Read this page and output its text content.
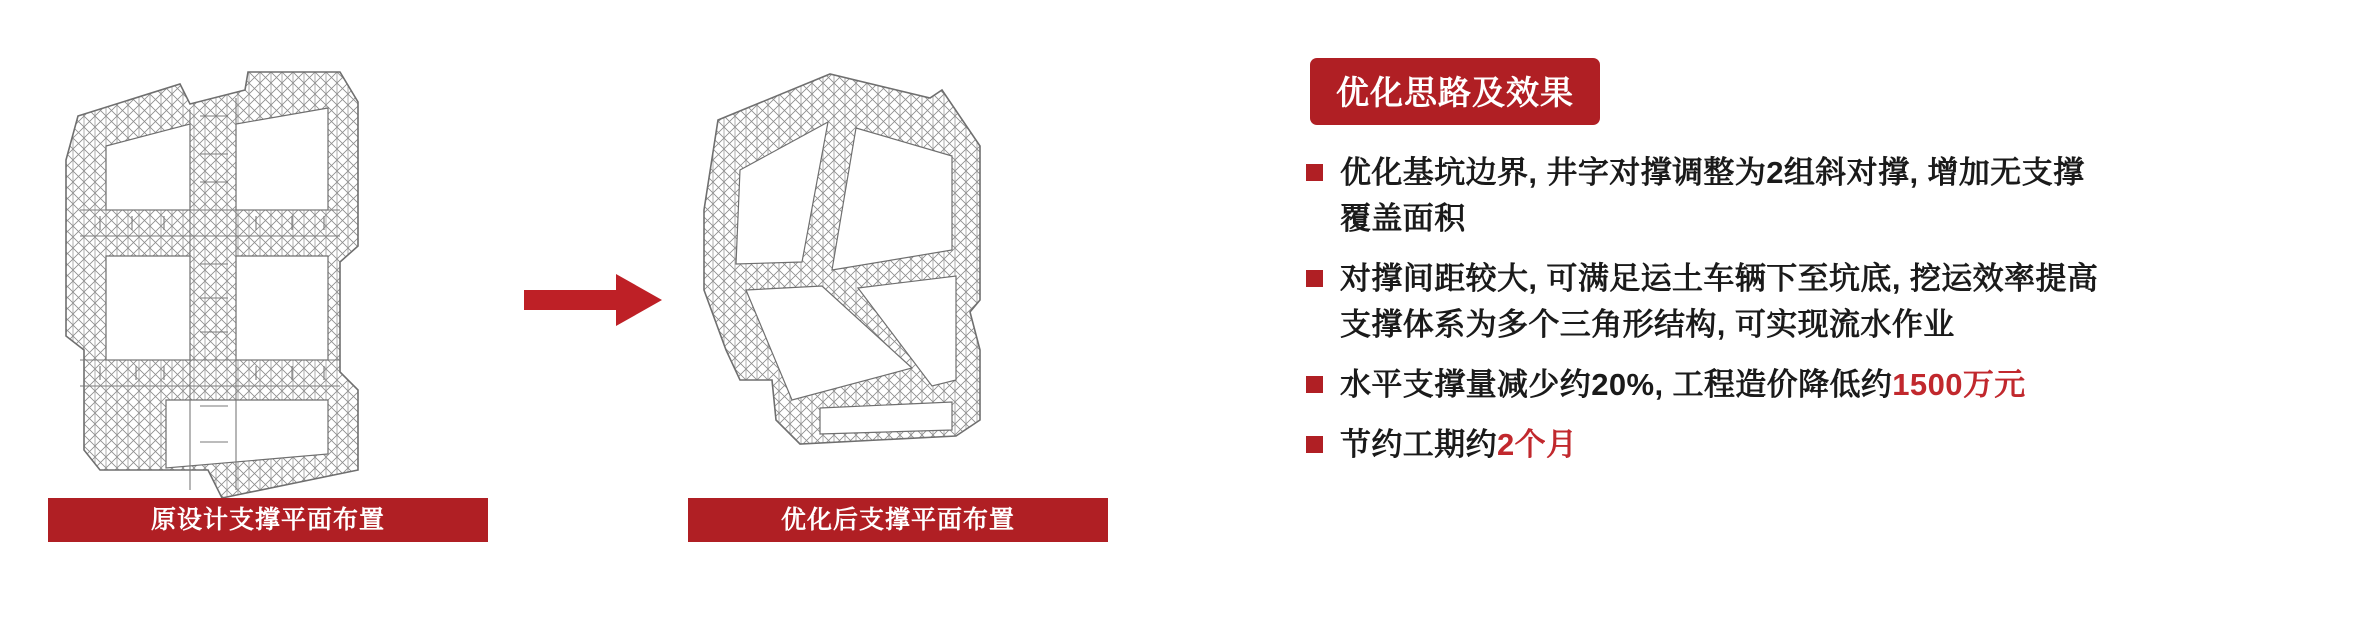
原设计支撑平面布置	优化后支撑平面布置
优化思路及效果
优化基坑边界, 井字对撑调整为2组斜对撑, 增加无支撑
覆盖面积
对撑间距较大, 可满足运土车辆下至坑底, 挖运效率提高
支撑体系为多个三角形结构, 可实现流水作业
水平支撑量减少约20%, 工程造价降低约1500万元
节约工期约2个月
